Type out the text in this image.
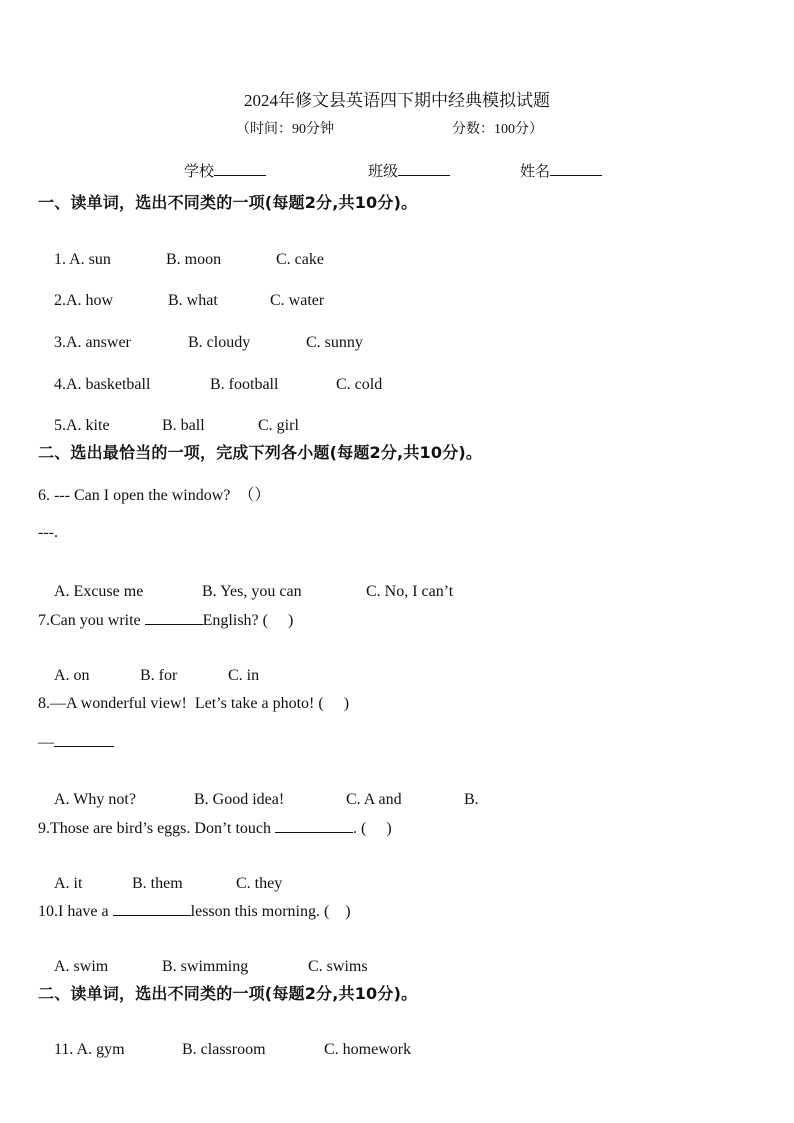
2024年修文县英语四下期中经典模拟试题
（时间：90分钟	分数：100分）
学校	班级	姓名
一、读单词，选出不同类的一项(每题2分,共10分)。

1. A. sun	B. moon	C. cake

2.A. how	B. what	C. water

3.A. answer	B. cloudy	C. sunny

4.A. basketball	B. football	C. cold

5.A. kite	B. ball	C. girl

二、选出最恰当的一项，完成下列各小题(每题2分,共10分)。
6. --- Can I open the window?　（）
---.

A. Excuse me	B. Yes, you can	C. No, I can’t

7.Can you write	English? (　 )

A. on	B. for	C. in

8.—A wonderful view!  Let’s take a photo! (　 )
—

A. Why not?	B. Good idea!	C. A and	B.

9.Those are bird’s eggs. Don’t touch	. (　 )

A. it	B. them	C. they

10.I have a	lesson this morning. (　)

A. swim	B. swimming	C. swims

二、读单词，选出不同类的一项(每题2分,共10分)。

11. A. gym	B. classroom	C. homework
